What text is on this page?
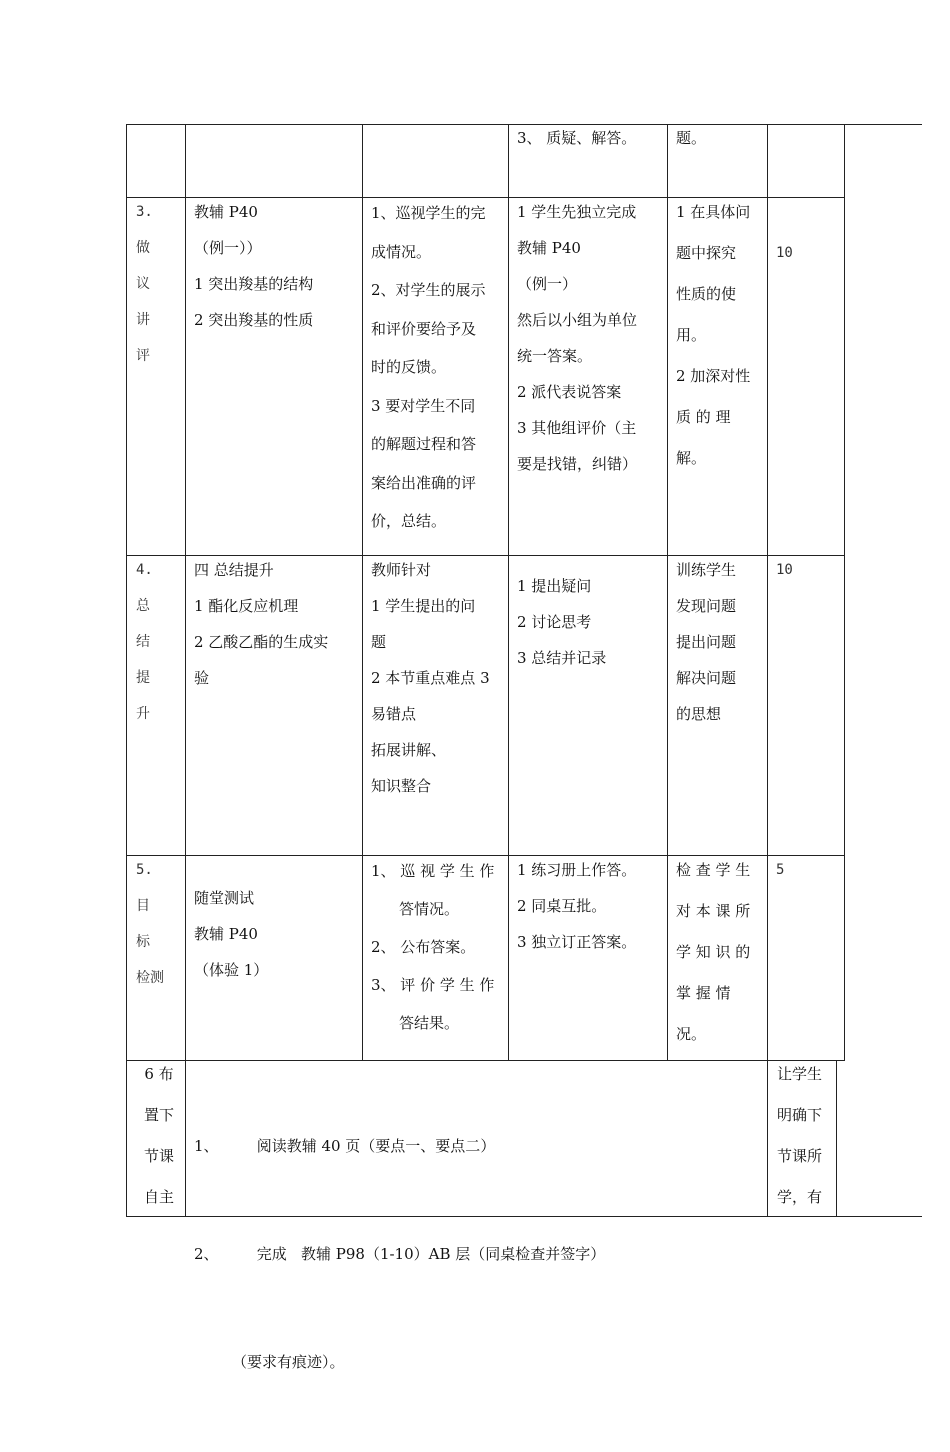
3、 质疑、解答。	题。

3.

做

议

讲

评

教辅 P40

（例一））

1 突出羧基的结构

2 突出羧基的性质

1、巡视学生的完

成情况。

2、对学生的展示

和评价要给予及

时的反馈。

3 要对学生不同

的解题过程和答

案给出准确的评

价，总结。

1 学生先独立完成

教辅 P40

（例一）

然后以小组为单位

统一答案。

2 派代表说答案

3 其他组评价（主

要是找错，纠错）

1 在具体问

题中探究

性质的使

用。

2 加深对性

质 的 理

解。

10

4.

总

结

提

升

四 总结提升

1 酯化反应机理

2 乙酸乙酯的生成实

验

教师针对

1 学生提出的问

题

2 本节重点难点 3

易错点

拓展讲解、

知识整合

1 提出疑问

2 讨论思考

3 总结并记录

训练学生

发现问题

提出问题

解决问题

的思想

10

5.

目

标

检测

随堂测试

教辅 P40

（体验 1）

1、 巡 视 学 生 作

答情况。

2、 公布答案。

3、 评 价 学 生 作

答结果。

1 练习册上作答。

2 同桌互批。

3 独立订正答案。

检 查 学 生

对 本 课 所

学 知 识 的

掌 握 情

况。

5

6 布

置下

节课

自主

1、        阅读教辅 40 页（要点一、要点二）

2、        完成   教辅 P98（1-10）AB 层（同桌检查并签字）

（要求有痕迹）。

让学生

明确下

节课所

学，有
